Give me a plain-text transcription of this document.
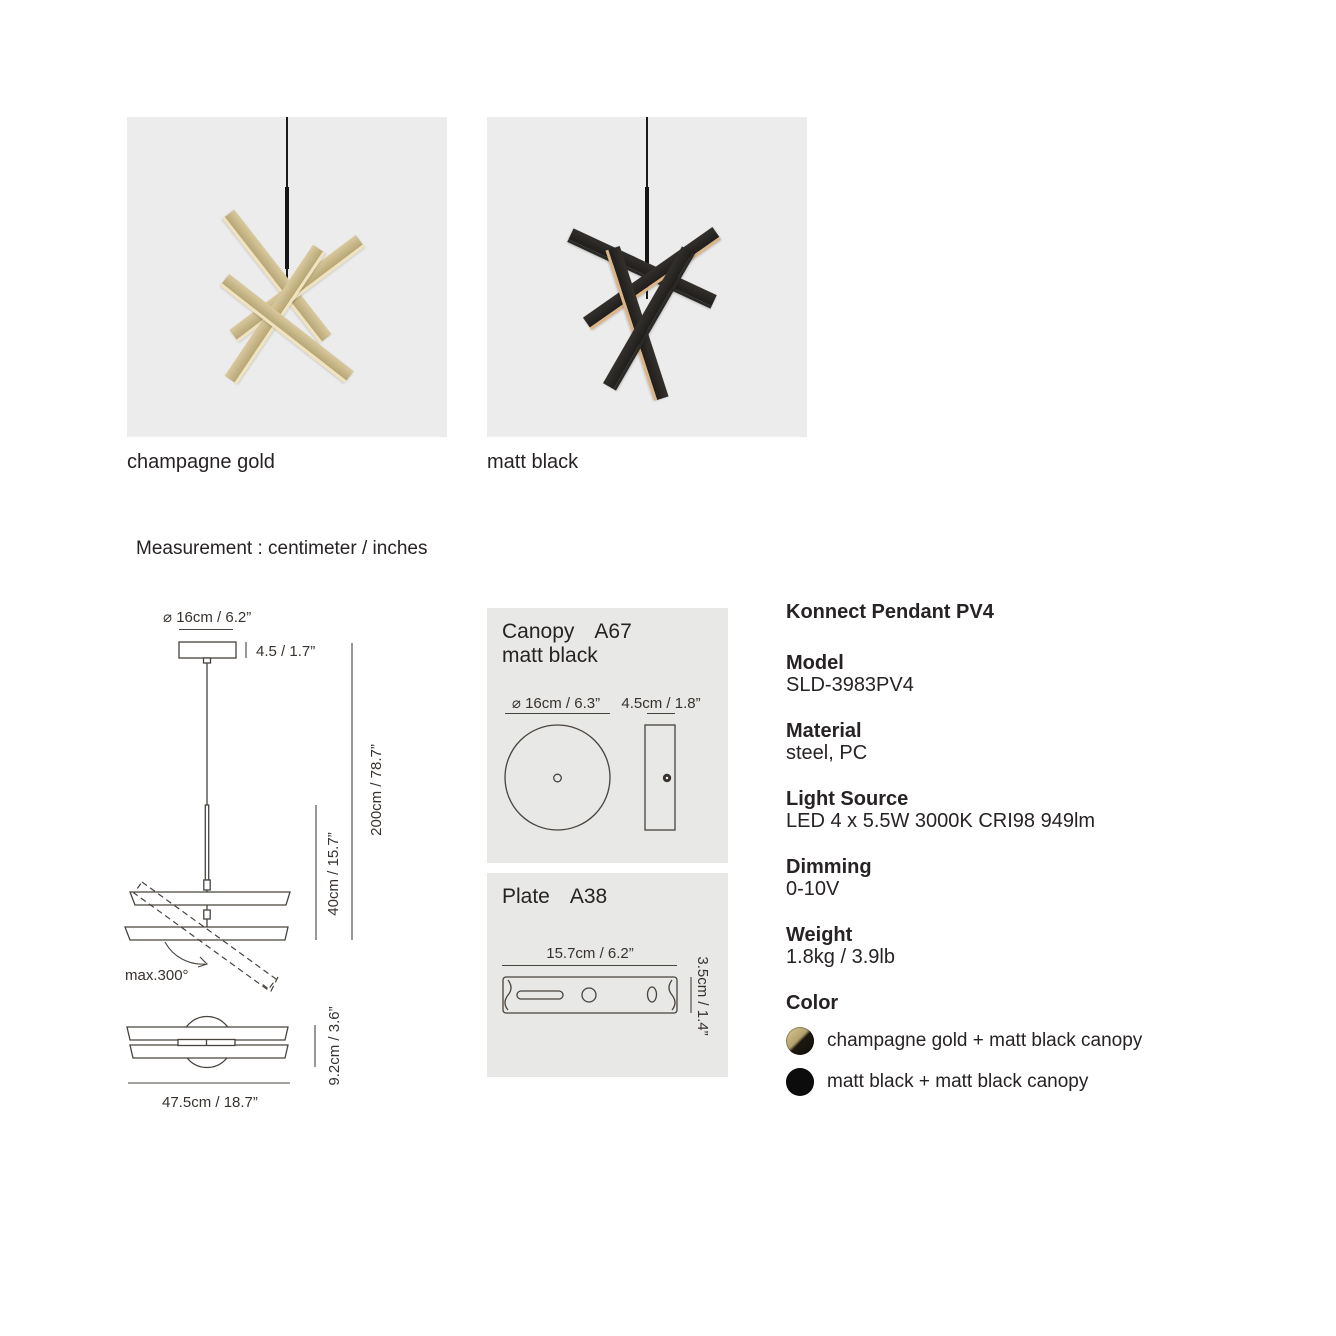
champagne gold	matt black
Measurement : centimeter / inches
⌀ 16cm / 6.2”
4.5 / 1.7”
max.300°
40cm / 15.7”
200cm / 78.7”
47.5cm / 18.7”
9.2cm / 3.6”
Canopy A67
matt black
⌀ 16cm / 6.3” 4.5cm / 1.8”
Plate A38
15.7cm / 6.2”
3.5cm / 1.4”
Konnect Pendant PV4
Model
SLD-3983PV4
Material
steel, PC
Light Source
LED 4 x 5.5W 3000K CRI98 949lm
Dimming
0-10V
Weight
1.8kg / 3.9lb
Color
champagne gold + matt black canopy
matt black + matt black canopy
